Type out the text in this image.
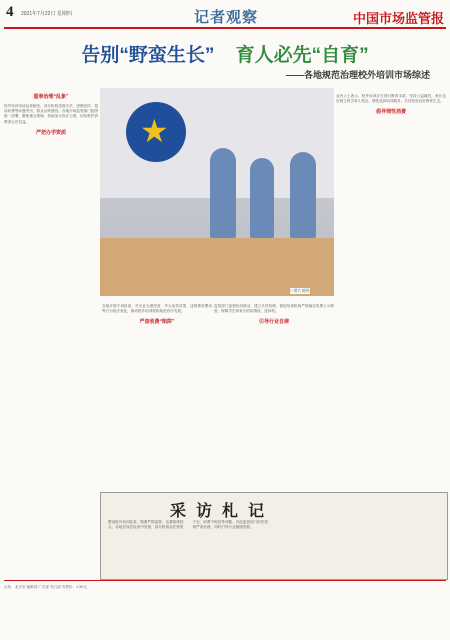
4 2021年7月22日 星期四	记者观察	中国市场监管报
告别“野蛮生长” 育人必先“自育”
——各地规范治理校外培训市场综述
重拳治理“乱象”

校外培训市场乱象频发，部分机构违规办学、虚假宣传、超前收费等问题突出，群众反映强烈。各地市场监管部门按照统一部署，聚焦重点领域，持续加大执法力度，切实维护消费者合法权益。

严把办学资质	★
□ 图片说明

各地开展专项检查，对无证无照经营、夸大宣传效果、违规预收费用等行为依法查处，推动校外培训机构规范有序发展。

严查收费“陷阱”

监管部门加强协同联动，建立长效机制，督促培训机构严格落实收费公示制度，保障学生和家长的知情权、选择权。

引导行业自律

业内人士表示，校外培训应当回归教育本质，坚持公益属性，家长也应树立科学育儿观念，理性选择培训服务，共同营造良好教育生态。

倡导理性消费
采访札记
整治校外培训乱象，既要严格监管，也要疏堵结合。各地在执法检查中发现，部分机构存在资质不全、收费不规范等问题，对此监管部门依法依规严肃处理，同时引导行业健康发展。
社址：北京市 编辑部 广告部 发行部 零售价：1.50元
